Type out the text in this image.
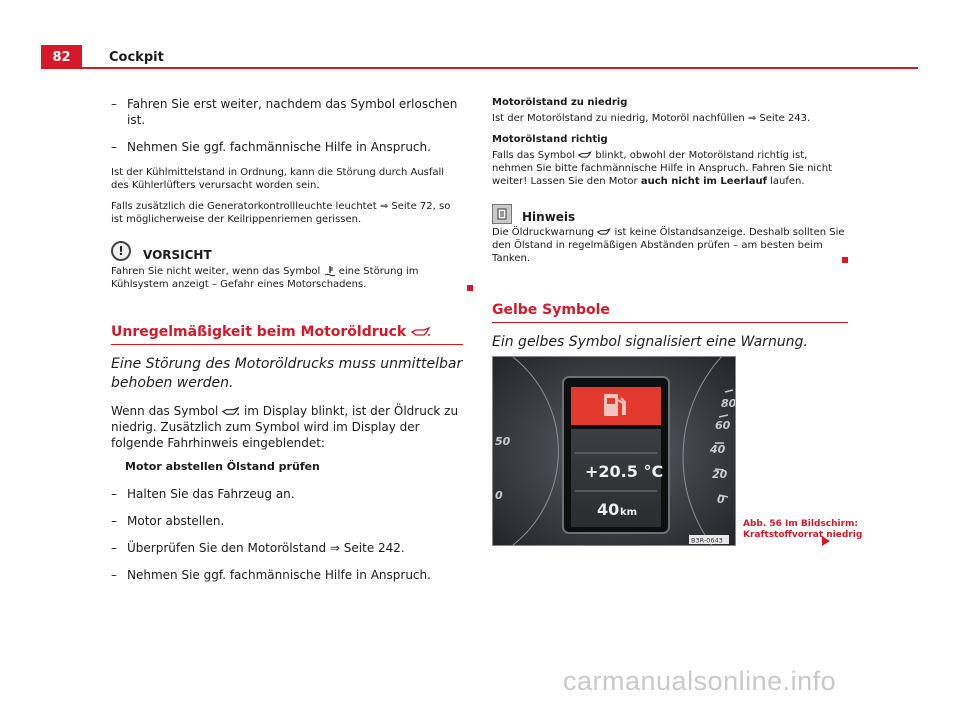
82	Cockpit
– Fahren Sie erst weiter, nachdem das Symbol erloschen ist.
– Nehmen Sie ggf. fachmännische Hilfe in Anspruch.

Ist der Kühlmittelstand in Ordnung, kann die Störung durch Ausfall des Kühlerlüfters verursacht worden sein.

Falls zusätzlich die Generatorkontrollleuchte leuchtet ⇒ Seite 72, so ist möglicherweise der Keilrippenriemen gerissen.

!	VORSICHT
Fahren Sie nicht weiter, wenn das Symbol eine Störung im Kühlsystem anzeigt – Gefahr eines Motorschadens.
Unregelmäßigkeit beim Motoröldruck
Eine Störung des Motoröldrucks muss unmittelbar behoben werden.
Wenn das Symbol im Display blinkt, ist der Öldruck zu niedrig. Zusätzlich zum Symbol wird im Display der folgende Fahrhinweis eingeblendet:
Motor abstellen Ölstand prüfen
– Halten Sie das Fahrzeug an.
– Motor abstellen.
– Überprüfen Sie den Motorölstand ⇒ Seite 242.
– Nehmen Sie ggf. fachmännische Hilfe in Anspruch.
Motorölstand zu niedrig

Ist der Motorölstand zu niedrig, Motoröl nachfüllen ⇒ Seite 243.

Motorölstand richtig

Falls das Symbol blinkt, obwohl der Motorölstand richtig ist, nehmen Sie bitte fachmännische Hilfe in Anspruch. Fahren Sie nicht weiter! Lassen Sie den Motor auch nicht im Leerlauf laufen.

Hinweis

Die Öldruckwarnung ist keine Ölstandsanzeige. Deshalb sollten Sie den Ölstand in regelmäßigen Abständen prüfen – am besten beim Tanken.

Gelbe Symbole
Ein gelbes Symbol signalisiert eine Warnung.
80
60
40
20
0
50
0
+20.5 °C
40 km
B3R-0643
Abb. 56 Im Bildschirm:
Kraftstoffvorrat niedrig
carmanualsonline.info
